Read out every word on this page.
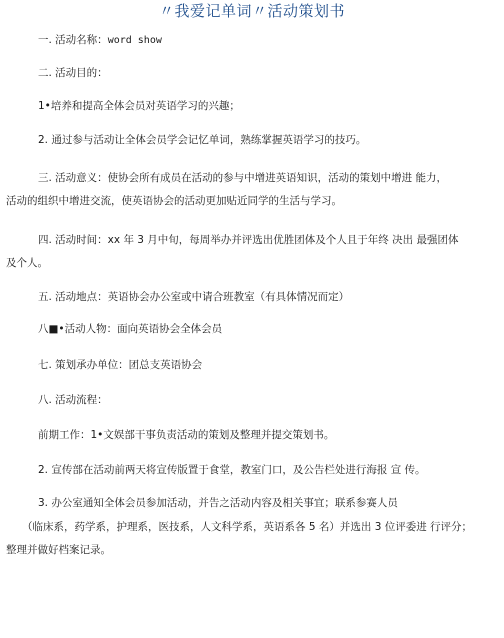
〃我爱记单词〃活动策划书
一. 活动名称：word show
二. 活动目的：
1•培养和提高全体会员对英语学习的兴趣；
2. 通过参与活动让全体会员学会记忆单词，熟练掌握英语学习的技巧。
三. 活动意义：使协会所有成员在活动的参与中增进英语知识，活动的策划中增进 能力，
活动的组织中增进交流，使英语协会的活动更加贴近同学的生活与学习。
四. 活动时间：xx 年 3 月中旬，每周举办并评选出优胜团体及个人且于年终 决出 最强团体
及个人。
五. 活动地点：英语协会办公室或中请合班教室（有具体情况而定）
八■•活动人物：面向英语协会全体会员
七. 策划承办单位：团总支英语协会
八. 活动流程：
前期工作：1•文娱部干事负责活动的策划及整理并提交策划书。
2. 宣传部在活动前两天将宣传版置于食堂，教室门口，及公告栏处进行海报 宣 传。
3. 办公室通知全体会员参加活动，并告之活动内容及相关事宜；联系参赛人员
（临床系，药学系，护理系，医技系，人文科学系，英语系各 5 名）并选出 3 位评委进 行评分；
整理并做好档案记录。
